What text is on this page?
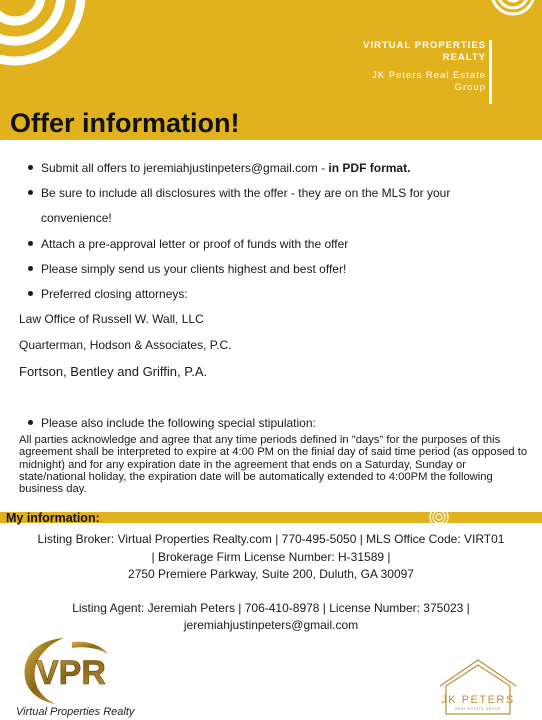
VIRTUAL PROPERTIES
REALTY
JK Peters Real Estate
Group
Offer information!
Submit all offers to jeremiahjustinpeters@gmail.com - in PDF format.
Be sure to include all disclosures with the offer - they are on the MLS for your
convenience!
Attach a pre-approval letter or proof of funds with the offer
Please simply send us your clients highest and best offer!
Preferred closing attorneys:
Law Office of Russell W. Wall, LLC
Quarterman, Hodson & Associates, P.C.
Fortson, Bentley and Griffin, P.A.
Please also include the following special stipulation:
All parties acknowledge and agree that any time periods defined in "days" for the purposes of this agreement shall be interpreted to expire at 4:00 PM on the finial day of said time period (as opposed to midnight) and for any expiration date in the agreement that ends on a Saturday, Sunday or state/national holiday, the expiration date will be automatically extended to 4:00PM the following business day.
My information:
Listing Broker: Virtual Properties Realty.com | 770-495-5050 | MLS Office Code: VIRT01
| Brokerage Firm License Number: H-31589 |
2750 Premiere Parkway, Suite 200, Duluth, GA 30097
Listing Agent: Jeremiah Peters | 706-410-8978 | License Number: 375023 |
jeremiahjustinpeters@gmail.com
VPR
Virtual Properties Realty
JK PETERS
REAL ESTATE GROUP
